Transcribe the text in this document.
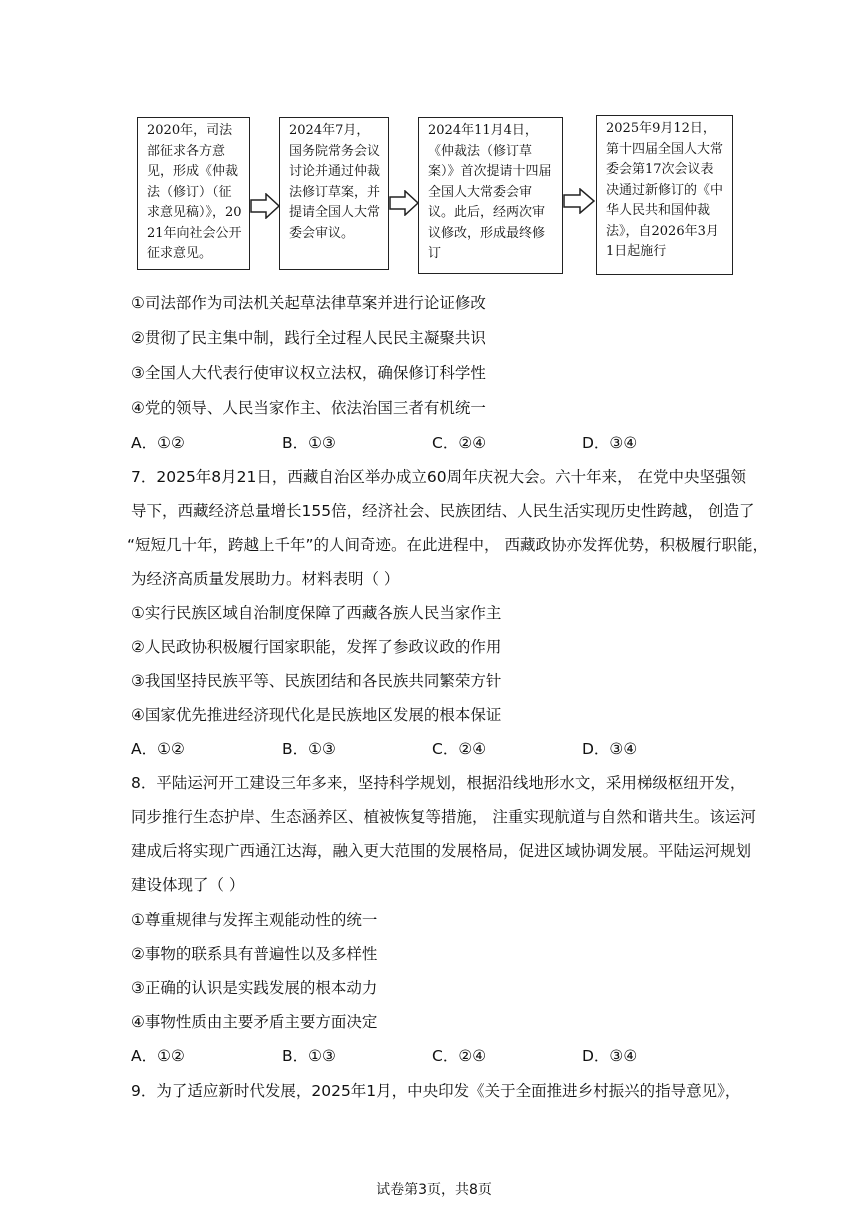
2020年，司法部征求各方意见，形成《仲裁法（修订）（征求意见稿）》，2021年向社会公开征求意见。
2024年7月，国务院常务会议讨论并通过仲裁法修订草案，并提请全国人大常委会审议。
2024年11月4日，《仲裁法（修订草案）》首次提请十四届全国人大常委会审议。此后，经两次审议修改，形成最终修订
2025年9月12日，第十四届全国人大常委会第17次会议表决通过新修订的《中华人民共和国仲裁法》，自2026年3月1日起施行
①司法部作为司法机关起草法律草案并进行论证修改
②贯彻了民主集中制，践行全过程人民民主凝聚共识
③全国人大代表行使审议权立法权，确保修订科学性
④党的领导、人民当家作主、依法治国三者有机统一
A．①②	B．①③	C．②④	D．③④
7．2025年8月21日，西藏自治区举办成立60周年庆祝大会。六十年来， 在党中央坚强领
导下，西藏经济总量增长155倍，经济社会、民族团结、人民生活实现历史性跨越， 创造了
“短短几十年，跨越上千年”的人间奇迹。在此进程中， 西藏政协亦发挥优势，积极履行职能，
为经济高质量发展助力。材料表明（ ）
①实行民族区域自治制度保障了西藏各族人民当家作主
②人民政协积极履行国家职能，发挥了参政议政的作用
③我国坚持民族平等、民族团结和各民族共同繁荣方针
④国家优先推进经济现代化是民族地区发展的根本保证
A．①②	B．①③	C．②④	D．③④
8．平陆运河开工建设三年多来，坚持科学规划，根据沿线地形水文，采用梯级枢纽开发，
同步推行生态护岸、生态涵养区、植被恢复等措施， 注重实现航道与自然和谐共生。该运河
建成后将实现广西通江达海，融入更大范围的发展格局，促进区域协调发展。平陆运河规划
建设体现了（ ）
①尊重规律与发挥主观能动性的统一
②事物的联系具有普遍性以及多样性
③正确的认识是实践发展的根本动力
④事物性质由主要矛盾主要方面决定
A．①②	B．①③	C．②④	D．③④
9．为了适应新时代发展，2025年1月，中央印发《关于全面推进乡村振兴的指导意见》，
试卷第3页，共8页
